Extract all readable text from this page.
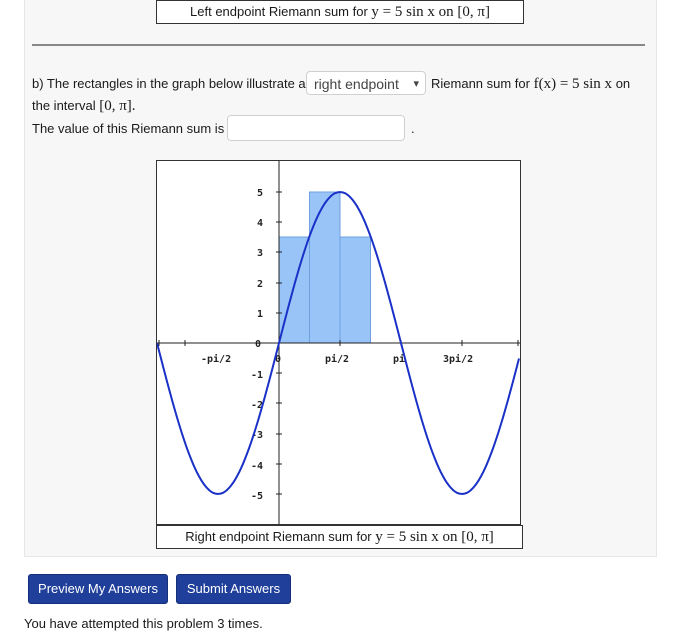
Left endpoint Riemann sum for y = 5 sin x on [0, π]
b) The rectangles in the graph below illustrate a right endpoint ▾ Riemann sum for f(x) = 5 sin x on
the interval [0, π].
The value of this Riemann sum is	.
5
4
3
2
1
0
-1
-2
-3
-4
-5
-pi/2	0	pi/2	pi	3pi/2
Right endpoint Riemann sum for y = 5 sin x on [0, π]
Preview My Answers	Submit Answers
You have attempted this problem 3 times.
